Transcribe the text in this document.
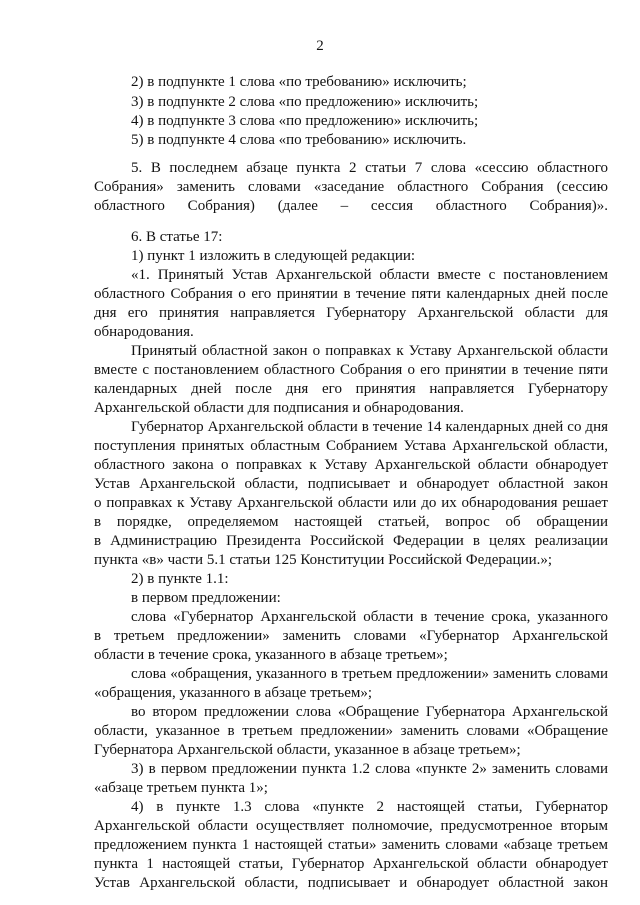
2
2) в подпункте 1 слова «по требованию» исключить;
3) в подпункте 2 слова «по предложению» исключить;
4) в подпункте 3 слова «по предложению» исключить;
5) в подпункте 4 слова «по требованию» исключить.
5. В последнем абзаце пункта 2 статьи 7 слова «сессию областного
Собрания» заменить словами «заседание областного Собрания (сессию
областного Собрания) (далее – сессия областного Собрания)».
6. В статье 17:
1) пункт 1 изложить в следующей редакции:
«1. Принятый Устав Архангельской области вместе с постановлением
областного Собрания о его принятии в течение пяти календарных дней после
дня его принятия направляется Губернатору Архангельской области для
обнародования.
Принятый областной закон о поправках к Уставу Архангельской области
вместе с постановлением областного Собрания о его принятии в течение пяти
календарных дней после дня его принятия направляется Губернатору
Архангельской области для подписания и обнародования.
Губернатор Архангельской области в течение 14 календарных дней со дня
поступления принятых областным Собранием Устава Архангельской области,
областного закона о поправках к Уставу Архангельской области обнародует
Устав Архангельской области, подписывает и обнародует областной закон
о поправках к Уставу Архангельской области или до их обнародования решает
в порядке, определяемом настоящей статьей, вопрос об обращении
в Администрацию Президента Российской Федерации в целях реализации
пункта «в» части 5.1 статьи 125 Конституции Российской Федерации.»;
2) в пункте 1.1:
в первом предложении:
слова «Губернатор Архангельской области в течение срока, указанного
в третьем предложении» заменить словами «Губернатор Архангельской
области в течение срока, указанного в абзаце третьем»;
слова «обращения, указанного в третьем предложении» заменить словами
«обращения, указанного в абзаце третьем»;
во втором предложении слова «Обращение Губернатора Архангельской
области, указанное в третьем предложении» заменить словами «Обращение
Губернатора Архангельской области, указанное в абзаце третьем»;
3) в первом предложении пункта 1.2 слова «пункте 2» заменить словами
«абзаце третьем пункта 1»;
4) в пункте 1.3 слова «пункте 2 настоящей статьи, Губернатор
Архангельской области осуществляет полномочие, предусмотренное вторым
предложением пункта 1 настоящей статьи» заменить словами «абзаце третьем
пункта 1 настоящей статьи, Губернатор Архангельской области обнародует
Устав Архангельской области, подписывает и обнародует областной закон
